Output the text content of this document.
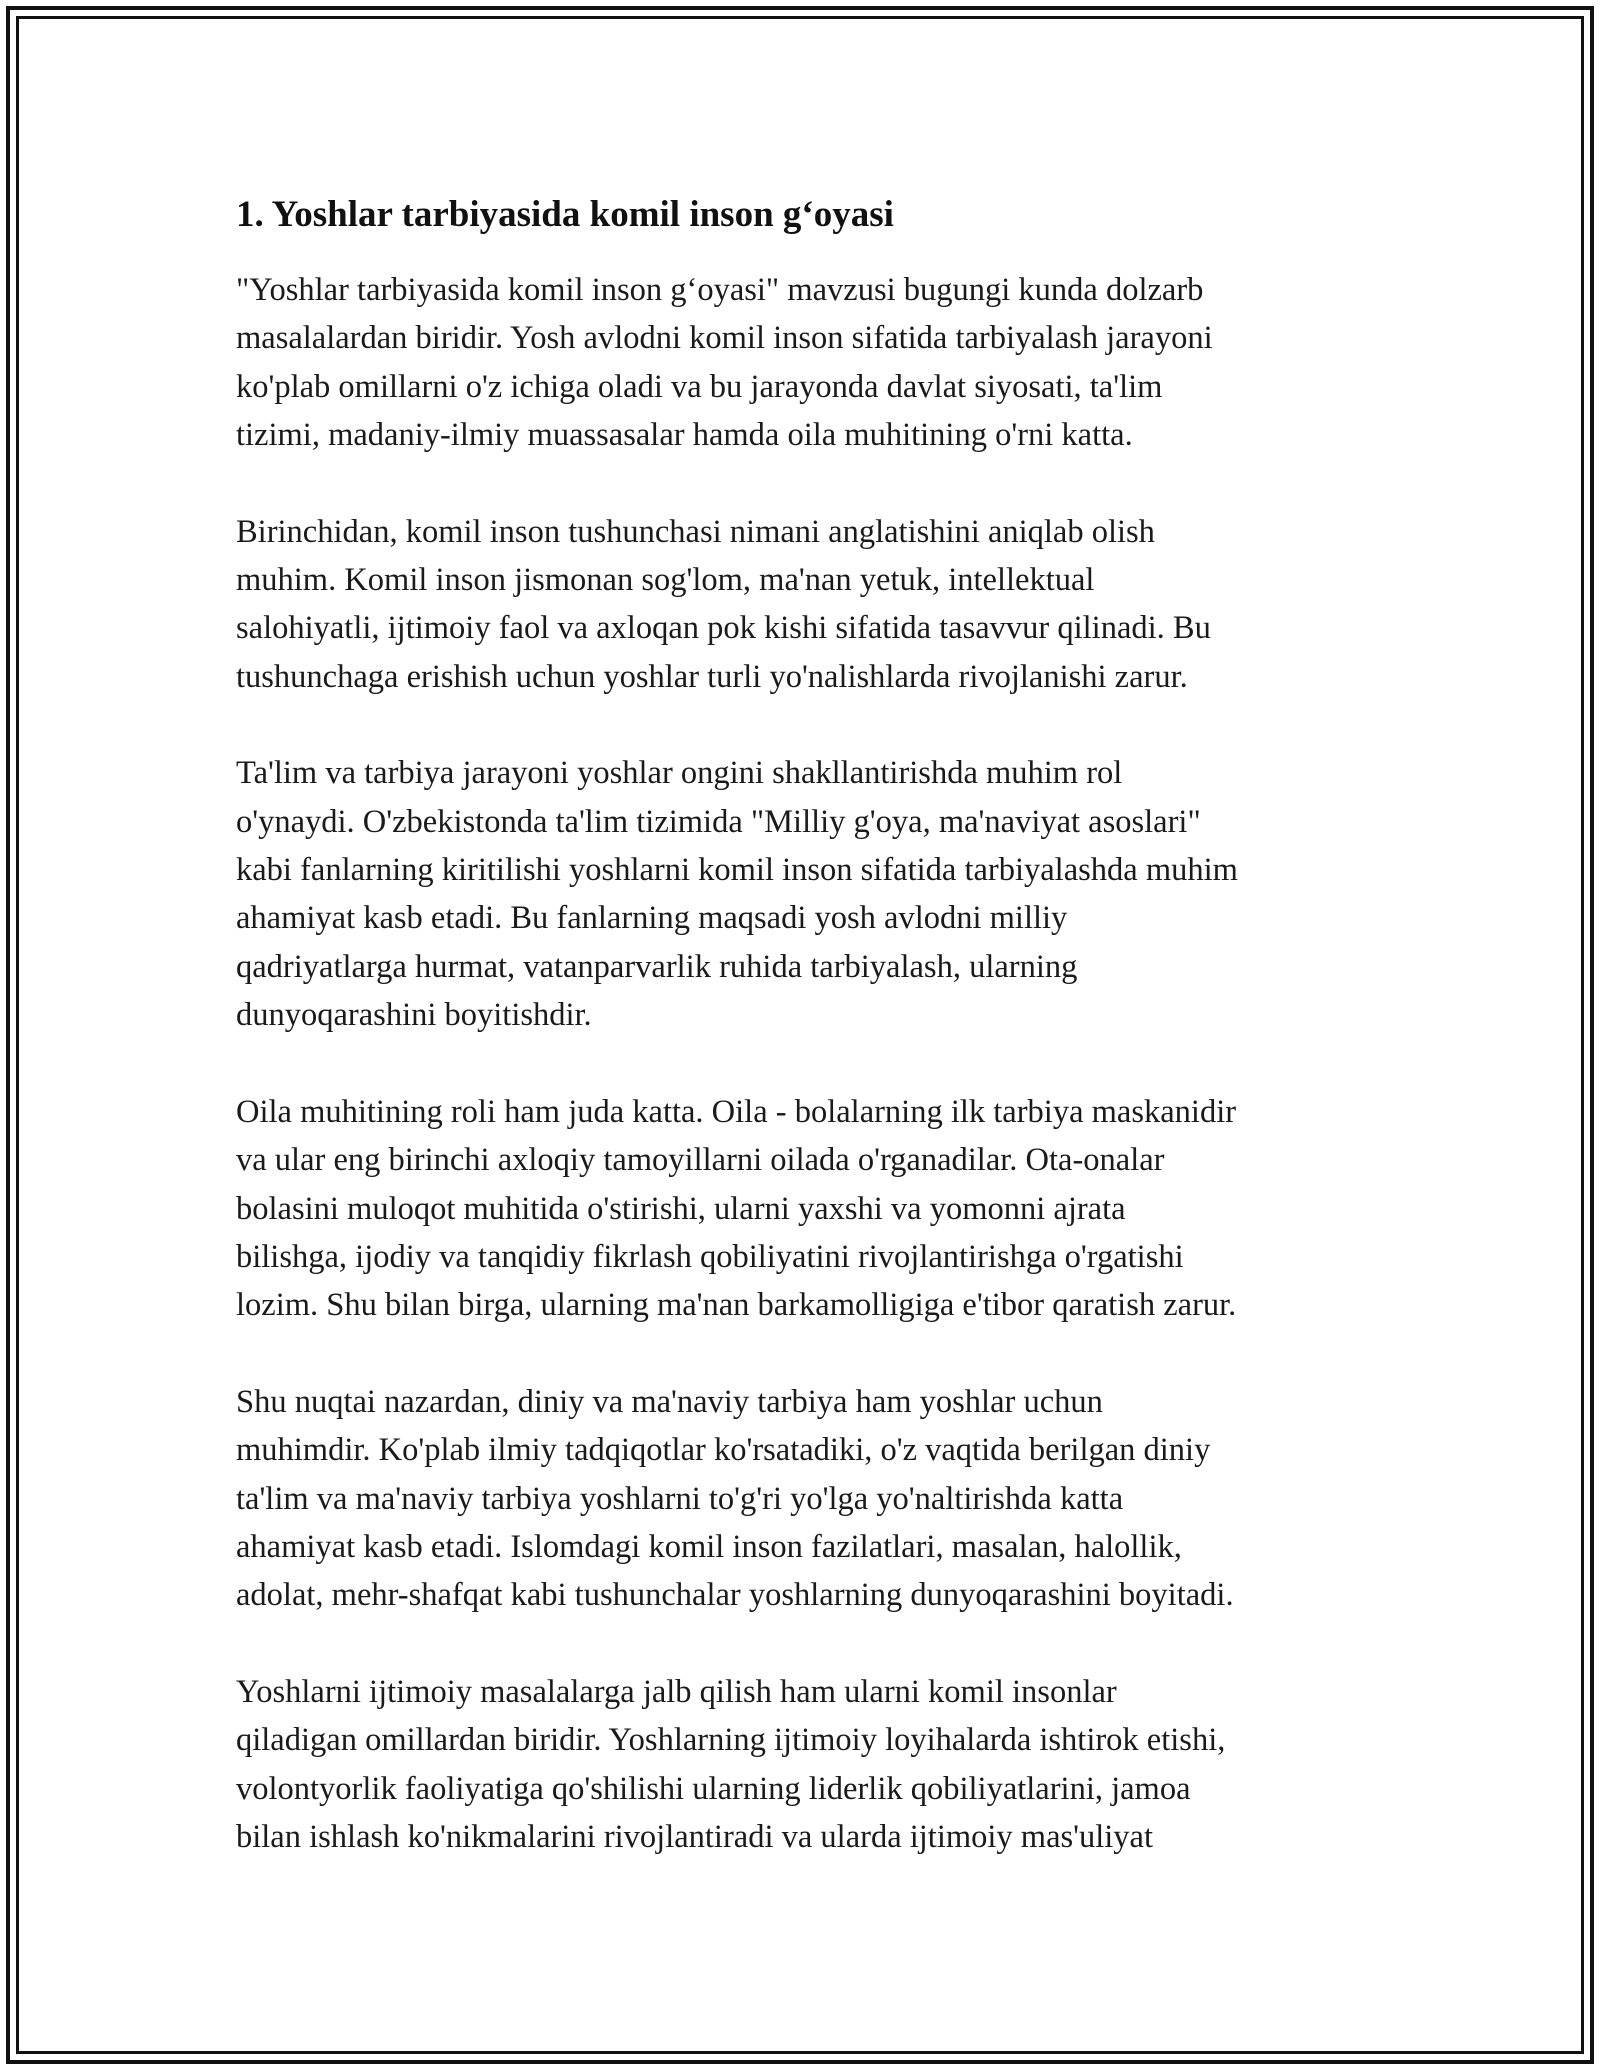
1. Yoshlar tarbiyasida komil inson g‘oyasi

"Yoshlar tarbiyasida komil inson g‘oyasi" mavzusi bugungi kunda dolzarb
masalalardan biridir. Yosh avlodni komil inson sifatida tarbiyalash jarayoni
ko'plab omillarni o'z ichiga oladi va bu jarayonda davlat siyosati, ta'lim
tizimi, madaniy-ilmiy muassasalar hamda oila muhitining o'rni katta.

Birinchidan, komil inson tushunchasi nimani anglatishini aniqlab olish
muhim. Komil inson jismonan sog'lom, ma'nan yetuk, intellektual
salohiyatli, ijtimoiy faol va axloqan pok kishi sifatida tasavvur qilinadi. Bu
tushunchaga erishish uchun yoshlar turli yo'nalishlarda rivojlanishi zarur.

Ta'lim va tarbiya jarayoni yoshlar ongini shakllantirishda muhim rol
o'ynaydi. O'zbekistonda ta'lim tizimida "Milliy g'oya, ma'naviyat asoslari"
kabi fanlarning kiritilishi yoshlarni komil inson sifatida tarbiyalashda muhim
ahamiyat kasb etadi. Bu fanlarning maqsadi yosh avlodni milliy
qadriyatlarga hurmat, vatanparvarlik ruhida tarbiyalash, ularning
dunyoqarashini boyitishdir.

Oila muhitining roli ham juda katta. Oila - bolalarning ilk tarbiya maskanidir
va ular eng birinchi axloqiy tamoyillarni oilada o'rganadilar. Ota-onalar
bolasini muloqot muhitida o'stirishi, ularni yaxshi va yomonni ajrata
bilishga, ijodiy va tanqidiy fikrlash qobiliyatini rivojlantirishga o'rgatishi
lozim. Shu bilan birga, ularning ma'nan barkamolligiga e'tibor qaratish zarur.

Shu nuqtai nazardan, diniy va ma'naviy tarbiya ham yoshlar uchun
muhimdir. Ko'plab ilmiy tadqiqotlar ko'rsatadiki, o'z vaqtida berilgan diniy
ta'lim va ma'naviy tarbiya yoshlarni to'g'ri yo'lga yo'naltirishda katta
ahamiyat kasb etadi. Islomdagi komil inson fazilatlari, masalan, halollik,
adolat, mehr-shafqat kabi tushunchalar yoshlarning dunyoqarashini boyitadi.

Yoshlarni ijtimoiy masalalarga jalb qilish ham ularni komil insonlar
qiladigan omillardan biridir. Yoshlarning ijtimoiy loyihalarda ishtirok etishi,
volontyorlik faoliyatiga qo'shilishi ularning liderlik qobiliyatlarini, jamoa
bilan ishlash ko'nikmalarini rivojlantiradi va ularda ijtimoiy mas'uliyat
